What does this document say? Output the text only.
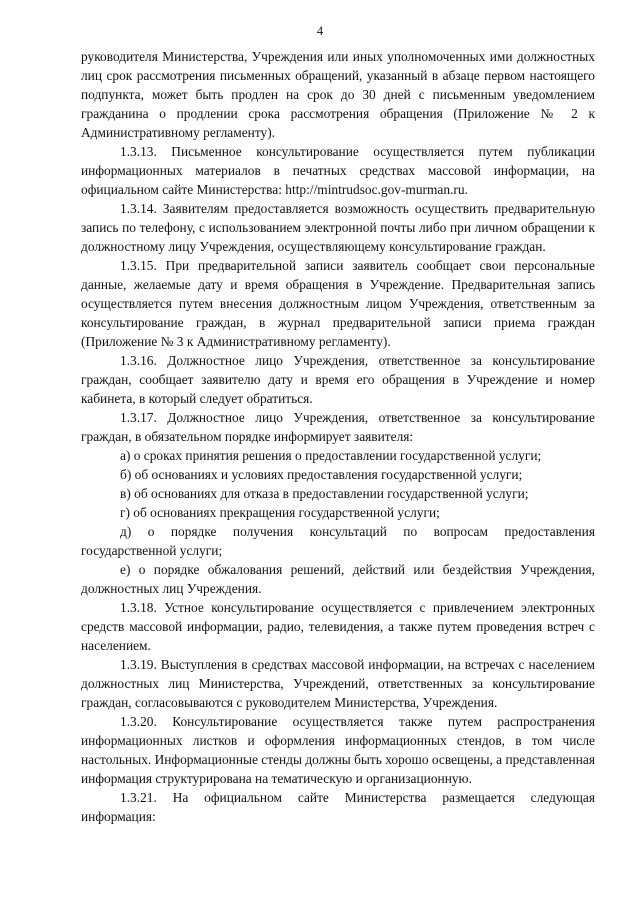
4

руководителя Министерства, Учреждения или иных уполномоченных ими должностных лиц срок рассмотрения письменных обращений, указанный в абзаце первом настоящего подпункта, может быть продлен на срок до 30 дней с письменным уведомлением гражданина о продлении срока рассмотрения обращения (Приложение № 2 к Административному регламенту).

1.3.13. Письменное консультирование осуществляется путем публикации информационных материалов в печатных средствах массовой информации, на официальном сайте Министерства: http://mintrudsoc.gov-murman.ru.

1.3.14. Заявителям предоставляется возможность осуществить предварительную запись по телефону, с использованием электронной почты либо при личном обращении к должностному лицу Учреждения, осуществляющему консультирование граждан.

1.3.15. При предварительной записи заявитель сообщает свои персональные данные, желаемые дату и время обращения в Учреждение. Предварительная запись осуществляется путем внесения должностным лицом Учреждения, ответственным за консультирование граждан, в журнал предварительной записи приема граждан (Приложение № 3 к Административному регламенту).

1.3.16. Должностное лицо Учреждения, ответственное за консультирование граждан, сообщает заявителю дату и время его обращения в Учреждение и номер кабинета, в который следует обратиться.

1.3.17. Должностное лицо Учреждения, ответственное за консультирование граждан, в обязательном порядке информирует заявителя:

а) о сроках принятия решения о предоставлении государственной услуги;

б) об основаниях и условиях предоставления государственной услуги;

в) об основаниях для отказа в предоставлении государственной услуги;

г) об основаниях прекращения государственной услуги;

д) о порядке получения консультаций по вопросам предоставления государственной услуги;

е) о порядке обжалования решений, действий или бездействия Учреждения, должностных лиц Учреждения.

1.3.18. Устное консультирование осуществляется с привлечением электронных средств массовой информации, радио, телевидения, а также путем проведения встреч с населением.

1.3.19. Выступления в средствах массовой информации, на встречах с населением должностных лиц Министерства, Учреждений, ответственных за консультирование граждан, согласовываются с руководителем Министерства, Учреждения.

1.3.20. Консультирование осуществляется также путем распространения информационных листков и оформления информационных стендов, в том числе настольных. Информационные стенды должны быть хорошо освещены, а представленная информация структурирована на тематическую и организационную.

1.3.21. На официальном сайте Министерства размещается следующая информация:
